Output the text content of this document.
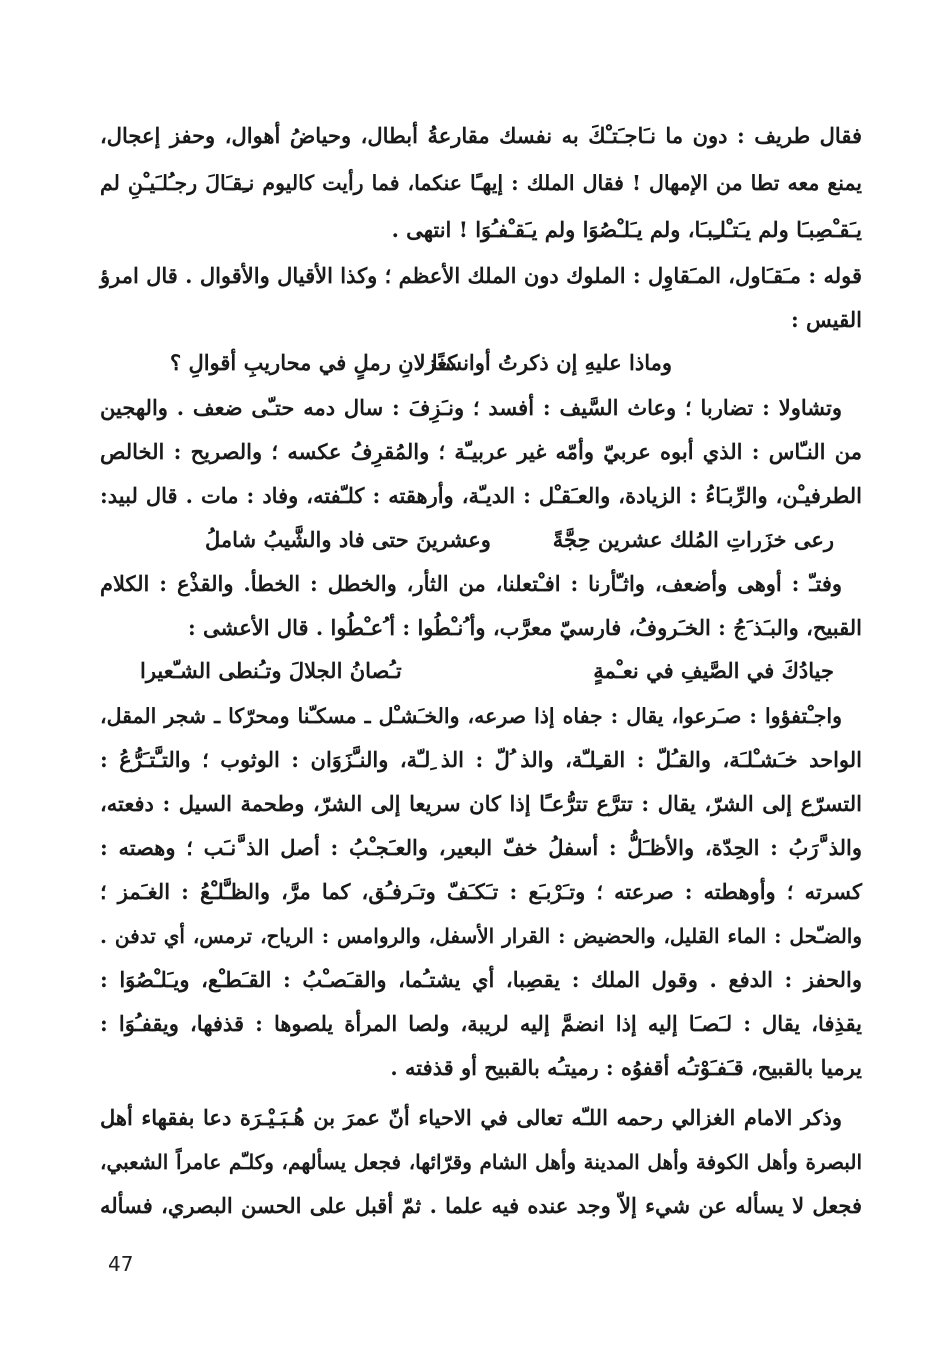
فقال طريف : دون ما نـَاجـَتـْكَ به نفسك مقارعةُ أبطال، وحياضُ أهوال، وحفز إعجال،
يمنع معه تطا من الإمهال ! فقال الملك : إيهـًا عنكما، فما رأيت كاليوم نـِقـَالَ رجـُلـَيـْنِ لم
يـَقـْصِبـَا ولم يـَتـْلـِبـَا، ولم يـَلـْصُوَا ولم يـَقـْفـُوَا ! انتهى .
قوله : مـَقـَاول، المـَقاوِل : الملوك دون الملك الأعظم ؛ وكذا الأقيال والأقوال . قال امرؤ
القيس :
وماذا عليهِ إن ذكرتُ أوانسـًا
كغزلانِ رملٍ في محاريبِ أقوالِ ؟
وتشاولا : تضاربا ؛ وعاث السَّيف : أفسد ؛ ونـَزِفَ : سال دمه حتـّى ضعف . والهجين
من النـّاس : الذي أبوه عربيّ وأمّه غير عربيـّة ؛ والمُقرِفُ عكسه ؛ والصريح : الخالص
الطرفيـْن، والرِّبـَاءُ : الزيادة، والعـَقـْل : الديـّة، وأرهقته : كلـّفته، وفاد : مات . قال لبيد:
رعى خزَراتِ المُلك عشرين حِجَّةً
وعشرينَ حتى فاد والشَّيبُ شاملُ
وفتـّ : أوهى وأضعف، واثـّأرنا : افـْتعلنا، من الثأر، والخطل : الخطأ. والقذْع : الكلام
القبيح، والبـَذ َجُ : الخـَروفُ، فارسيّ معرَّب، وأ ُنـْطُوا : أ ُعـْطُوا . قال الأعشى :
جيادُكَ في الصَّيفِ في نعـْمةٍ
تـُصانُ الجلالَ وتـُنطى الشـّعيرا
واجـْتفؤوا : صـَرعوا، يقال : جفاه إذا صرعه، والخـَشـْل ـ مسكـّنا ومحرّكا ـ شجر المقل،
الواحد خـَشـْلـَة، والقـُلّ : القـِلـّة، والذ ُلّ : الذ ِلـّة، والنـَّزَوَان : الوثوب ؛ والتـَّتـَرُّعُ :
التسرّع إلى الشرّ، يقال : تترَّع تترُّعـًا إذا كان سريعا إلى الشرّ، وطحمة السيل : دفعته،
والذ َّرَبُ : الحِدّة، والأظـَلُّ : أسفلُ خفّ البعير، والعـَجـْبُ : أصل الذ َّنـَب ؛ وهصته :
كسرته ؛ وأوهطته : صرعته ؛ وتـَرْبـَع : تـَكـَفّ وتـَرفـُق، كما مرَّ، والظـَّلـْعُ : الغـَمز ؛
والضـّحل : الماء القليل، والحضيض : القرار الأسفل، والروامس : الرياح، ترمس، أي تدفن .
والحفز : الدفع . وقول الملك : يقصِبا، أي يشتـُما، والقـَصـْبُ : القـَطـْع، ويـَلـْصُوَا :
يقذِفا، يقال : لـَصـَا إليه إذا انضمَّ إليه لريبة، ولصا المرأة يلصوها : قذفها، ويقفـُوَا :
يرميا بالقبيح، قـَفـَوْتـُه أقفوُه : رميتـُه بالقبيح أو قذفته .
وذكر الامام الغزالي رحمه اللـّه تعالى في الاحياء أنّ عمرَ بن هُـبَـيْـرَة دعا بفقهاء أهل
البصرة وأهل الكوفة وأهل المدينة وأهل الشام وقرّائها، فجعل يسألهم، وكلـّم عامراً الشعبي،
فجعل لا يسأله عن شيء إلاّ وجد عنده فيه علما . ثمّ أقبل على الحسن البصري، فسأله
47
